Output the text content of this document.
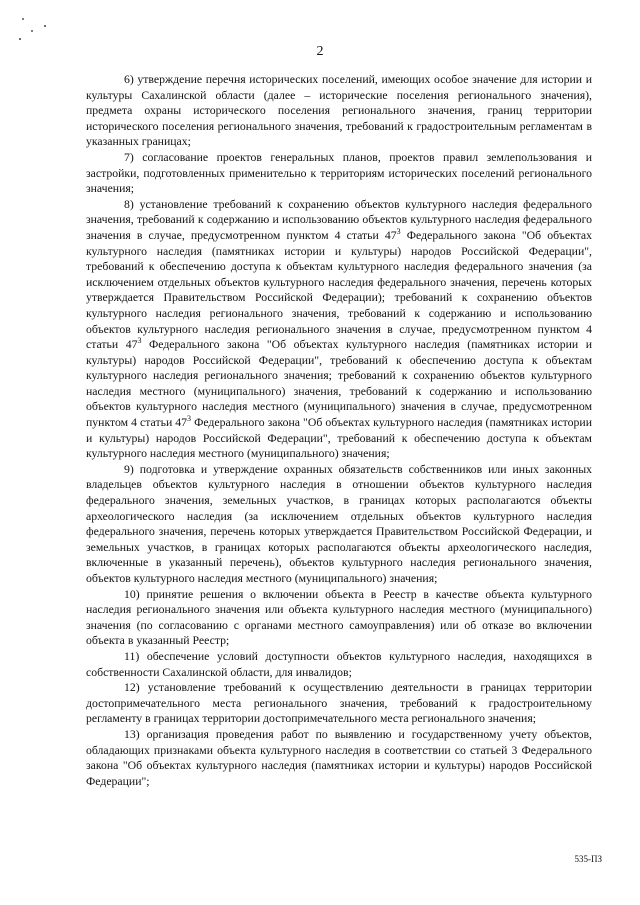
2

6) утверждение перечня исторических поселений, имеющих особое значение для истории и культуры Сахалинской области (далее – исторические поселения регионального значения), предмета охраны исторического поселения регионального значения, границ территории исторического поселения регионального значения, требований к градостроительным регламентам в указанных границах;

7) согласование проектов генеральных планов, проектов правил землепользования и застройки, подготовленных применительно к территориям исторических поселений регионального значения;

8) установление требований к сохранению объектов культурного наследия федерального значения, требований к содержанию и использованию объектов культурного наследия федерального значения в случае, предусмотренном пунктом 4 статьи $47^3$ Федерального закона "Об объектах культурного наследия (памятниках истории и культуры) народов Российской Федерации", требований к обеспечению доступа к объектам культурного наследия федерального значения (за исключением отдельных объектов культурного наследия федерального значения, перечень которых утверждается Правительством Российской Федерации); требований к сохранению объектов культурного наследия регионального значения, требований к содержанию и использованию объектов культурного наследия регионального значения в случае, предусмотренном пунктом 4 статьи $47^3$ Федерального закона "Об объектах культурного наследия (памятниках истории и культуры) народов Российской Федерации", требований к обеспечению доступа к объектам культурного наследия регионального значения; требований к сохранению объектов культурного наследия местного (муниципального) значения, требований к содержанию и использованию объектов культурного наследия местного (муниципального) значения в случае, предусмотренном пунктом 4 статьи $47^3$ Федерального закона "Об объектах культурного наследия (памятниках истории и культуры) народов Российской Федерации", требований к обеспечению доступа к объектам культурного наследия местного (муниципального) значения;

9) подготовка и утверждение охранных обязательств собственников или иных законных владельцев объектов культурного наследия в отношении объектов культурного наследия федерального значения, земельных участков, в границах которых располагаются объекты археологического наследия (за исключением отдельных объектов культурного наследия федерального значения, перечень которых утверждается Правительством Российской Федерации, и земельных участков, в границах которых располагаются объекты археологического наследия, включенные в указанный перечень), объектов культурного наследия регионального значения, объектов культурного наследия местного (муниципального) значения;

10) принятие решения о включении объекта в Реестр в качестве объекта культурного наследия регионального значения или объекта культурного наследия местного (муниципального) значения (по согласованию с органами местного самоуправления) или об отказе во включении объекта в указанный Реестр;

11) обеспечение условий доступности объектов культурного наследия, находящихся в собственности Сахалинской области, для инвалидов;

12) установление требований к осуществлению деятельности в границах территории достопримечательного места регионального значения, требований к градостроительному регламенту в границах территории достопримечательного места регионального значения;

13) организация проведения работ по выявлению и государственному учету объектов, обладающих признаками объекта культурного наследия в соответствии со статьей 3 Федерального закона "Об объектах культурного наследия (памятниках истории и культуры) народов Российской Федерации";

535-ПЗ
